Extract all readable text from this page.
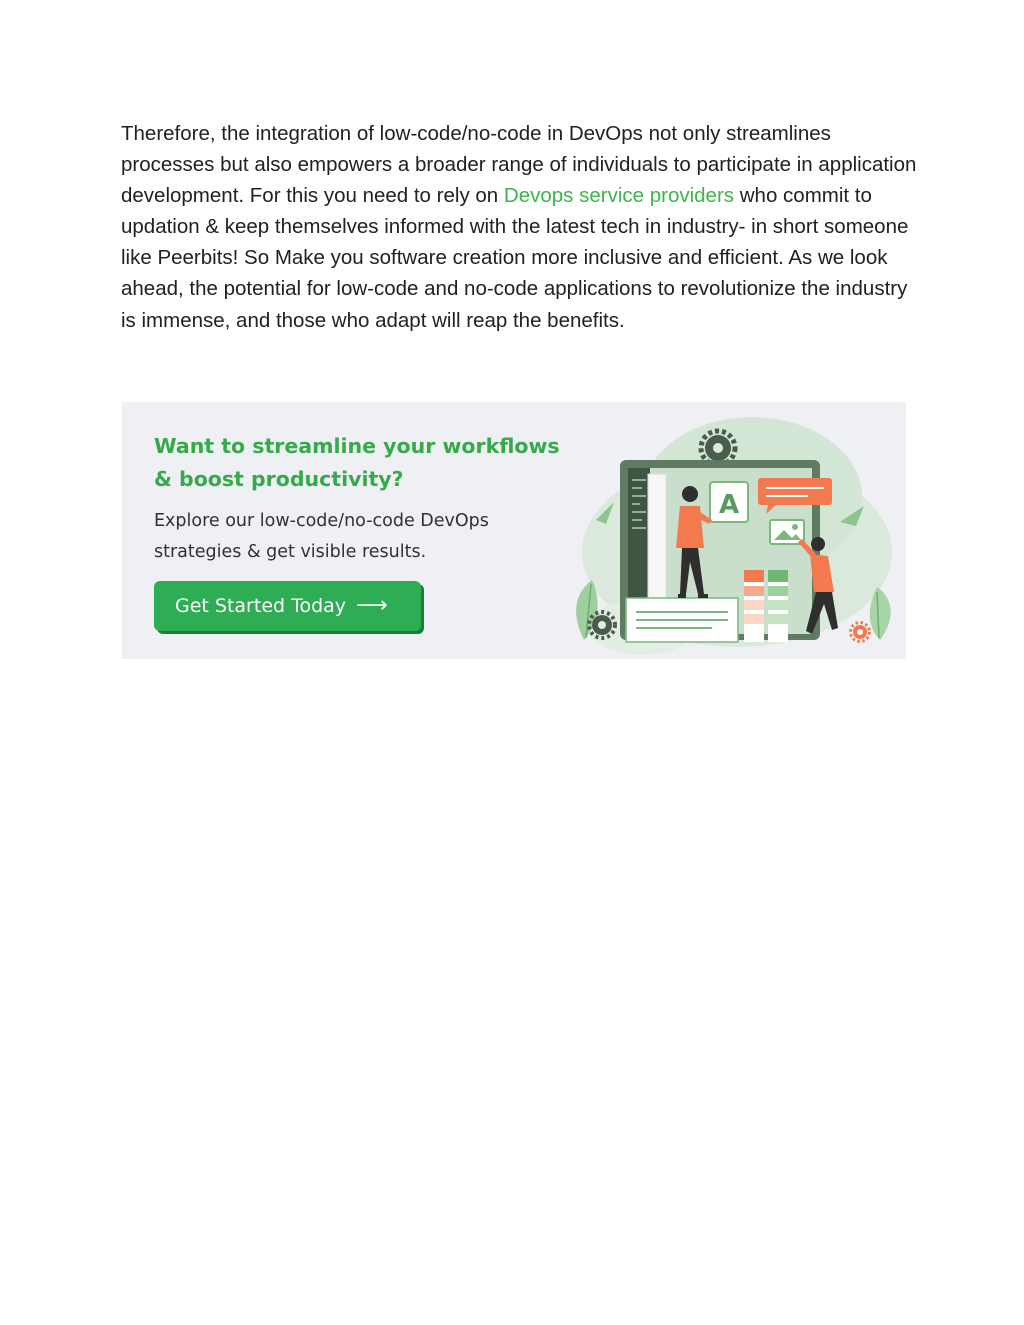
Therefore, the integration of low-code/no-code in DevOps not only streamlines processes but also empowers a broader range of individuals to participate in application development. For this you need to rely on Devops service providers who commit to updation & keep themselves informed with the latest tech in industry- in short someone like Peerbits! So Make you software creation more inclusive and efficient. As we look ahead, the potential for low-code and no-code applications to revolutionize the industry is immense, and those who adapt will reap the benefits.

Want to streamline your workflows
& boost productivity?

Explore our low-code/no-code DevOps
strategies & get visible results.

Get Started Today ⟶
A
